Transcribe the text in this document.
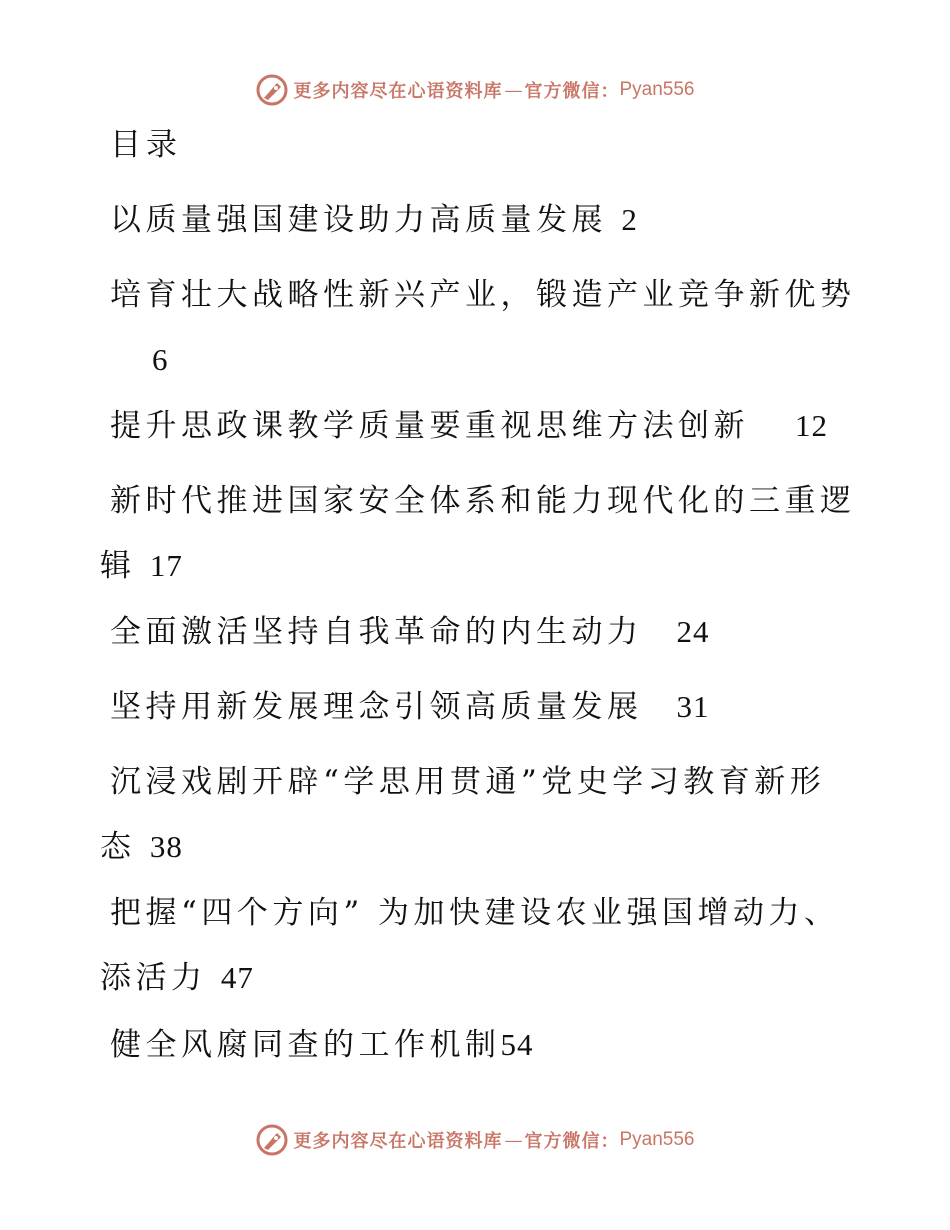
更多内容尽在心语资料库 — 官方微信： Pyan556
目录
以质量强国建设助力高质量发展 2
培育壮大战略性新兴产业，锻造产业竞争新优势
6
提升思政课教学质量要重视思维方法创新 12
新时代推进国家安全体系和能力现代化的三重逻
辑 17
全面激活坚持自我革命的内生动力 24
坚持用新发展理念引领高质量发展 31
沉浸戏剧开辟“学思用贯通”党史学习教育新形
态 38
把握“四个方向” 为加快建设农业强国增动力、
添活力 47
健全风腐同查的工作机制54
更多内容尽在心语资料库 — 官方微信： Pyan556
